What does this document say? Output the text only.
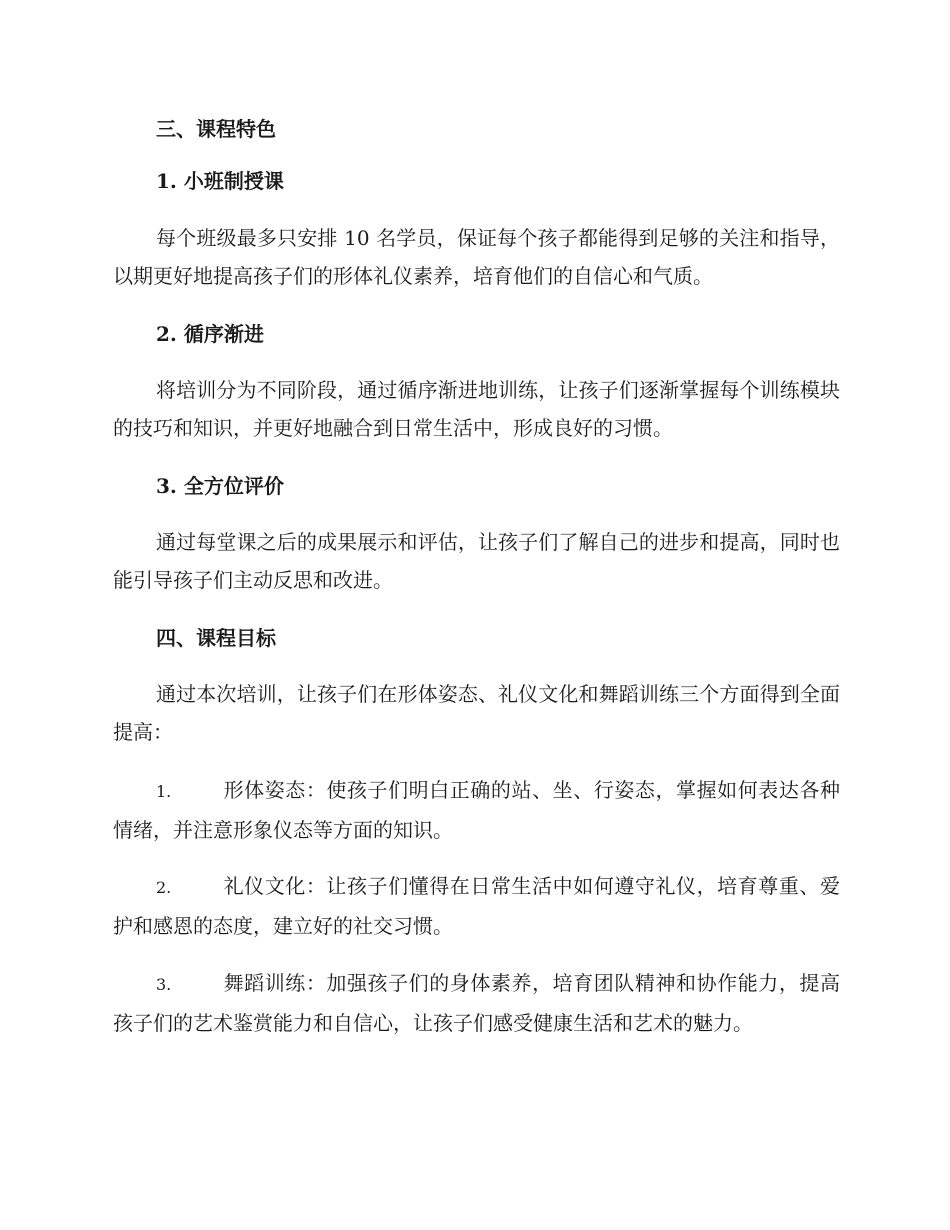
三、课程特色
1. 小班制授课

每个班级最多只安排 10 名学员，保证每个孩子都能得到足够的关注和指导，以期更好地提高孩子们的形体礼仪素养，培育他们的自信心和气质。

2. 循序渐进

将培训分为不同阶段，通过循序渐进地训练，让孩子们逐渐掌握每个训练模块的技巧和知识，并更好地融合到日常生活中，形成良好的习惯。

3. 全方位评价

通过每堂课之后的成果展示和评估，让孩子们了解自己的进步和提高，同时也能引导孩子们主动反思和改进。

四、课程目标

通过本次培训，让孩子们在形体姿态、礼仪文化和舞蹈训练三个方面得到全面提高：

1.	形体姿态：使孩子们明白正确的站、坐、行姿态，掌握如何表达各种情绪，并注意形象仪态等方面的知识。

2.	礼仪文化：让孩子们懂得在日常生活中如何遵守礼仪，培育尊重、爱护和感恩的态度，建立好的社交习惯。

3.	舞蹈训练：加强孩子们的身体素养，培育团队精神和协作能力，提高孩子们的艺术鉴赏能力和自信心，让孩子们感受健康生活和艺术的魅力。
